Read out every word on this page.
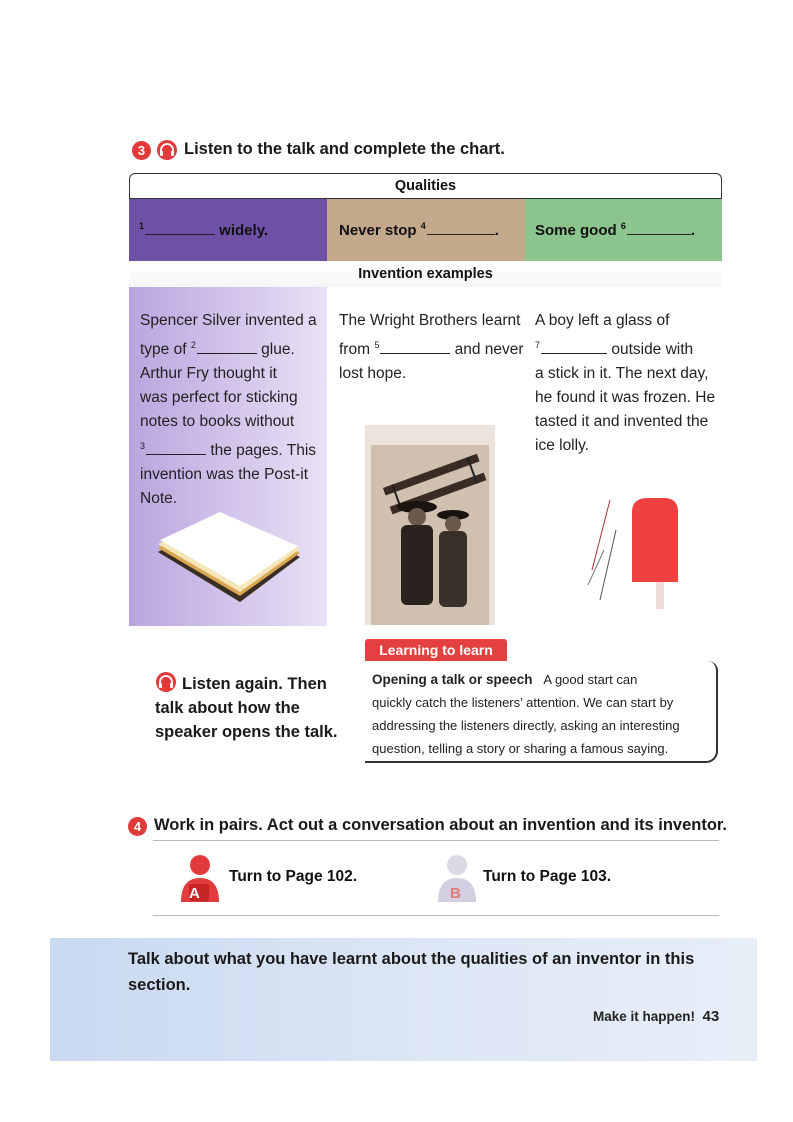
3	Listen to the talk and complete the chart.
Qualities
$^1$	widely.	Never stop $^4$	. Some good $^6$	.
Invention examples
Spencer Silver invented a
type of $^2$	glue.
Arthur Fry thought it
was perfect for sticking
notes to books without
$^3$	the pages. This
invention was the Post-it
Note.
The Wright Brothers learnt
from $^5$	and never
lost hope.
A boy left a glass of
$^7$	outside with
a stick in it. The next day,
he found it was frozen. He
tasted it and invented the
ice lolly.
Listen again. Then
talk about how the
speaker opens the talk.
Learning to learn
Opening a talk or speech A good start can
quickly catch the listeners’ attention. We can start by
addressing the listeners directly, asking an interesting
question, telling a story or sharing a famous saying.
4 Work in pairs. Act out a conversation about an invention and its inventor.
A
Turn to Page 102.
B
Turn to Page 103.
Talk about what you have learnt about the qualities of an inventor in this
section.
Make it happen! 43
